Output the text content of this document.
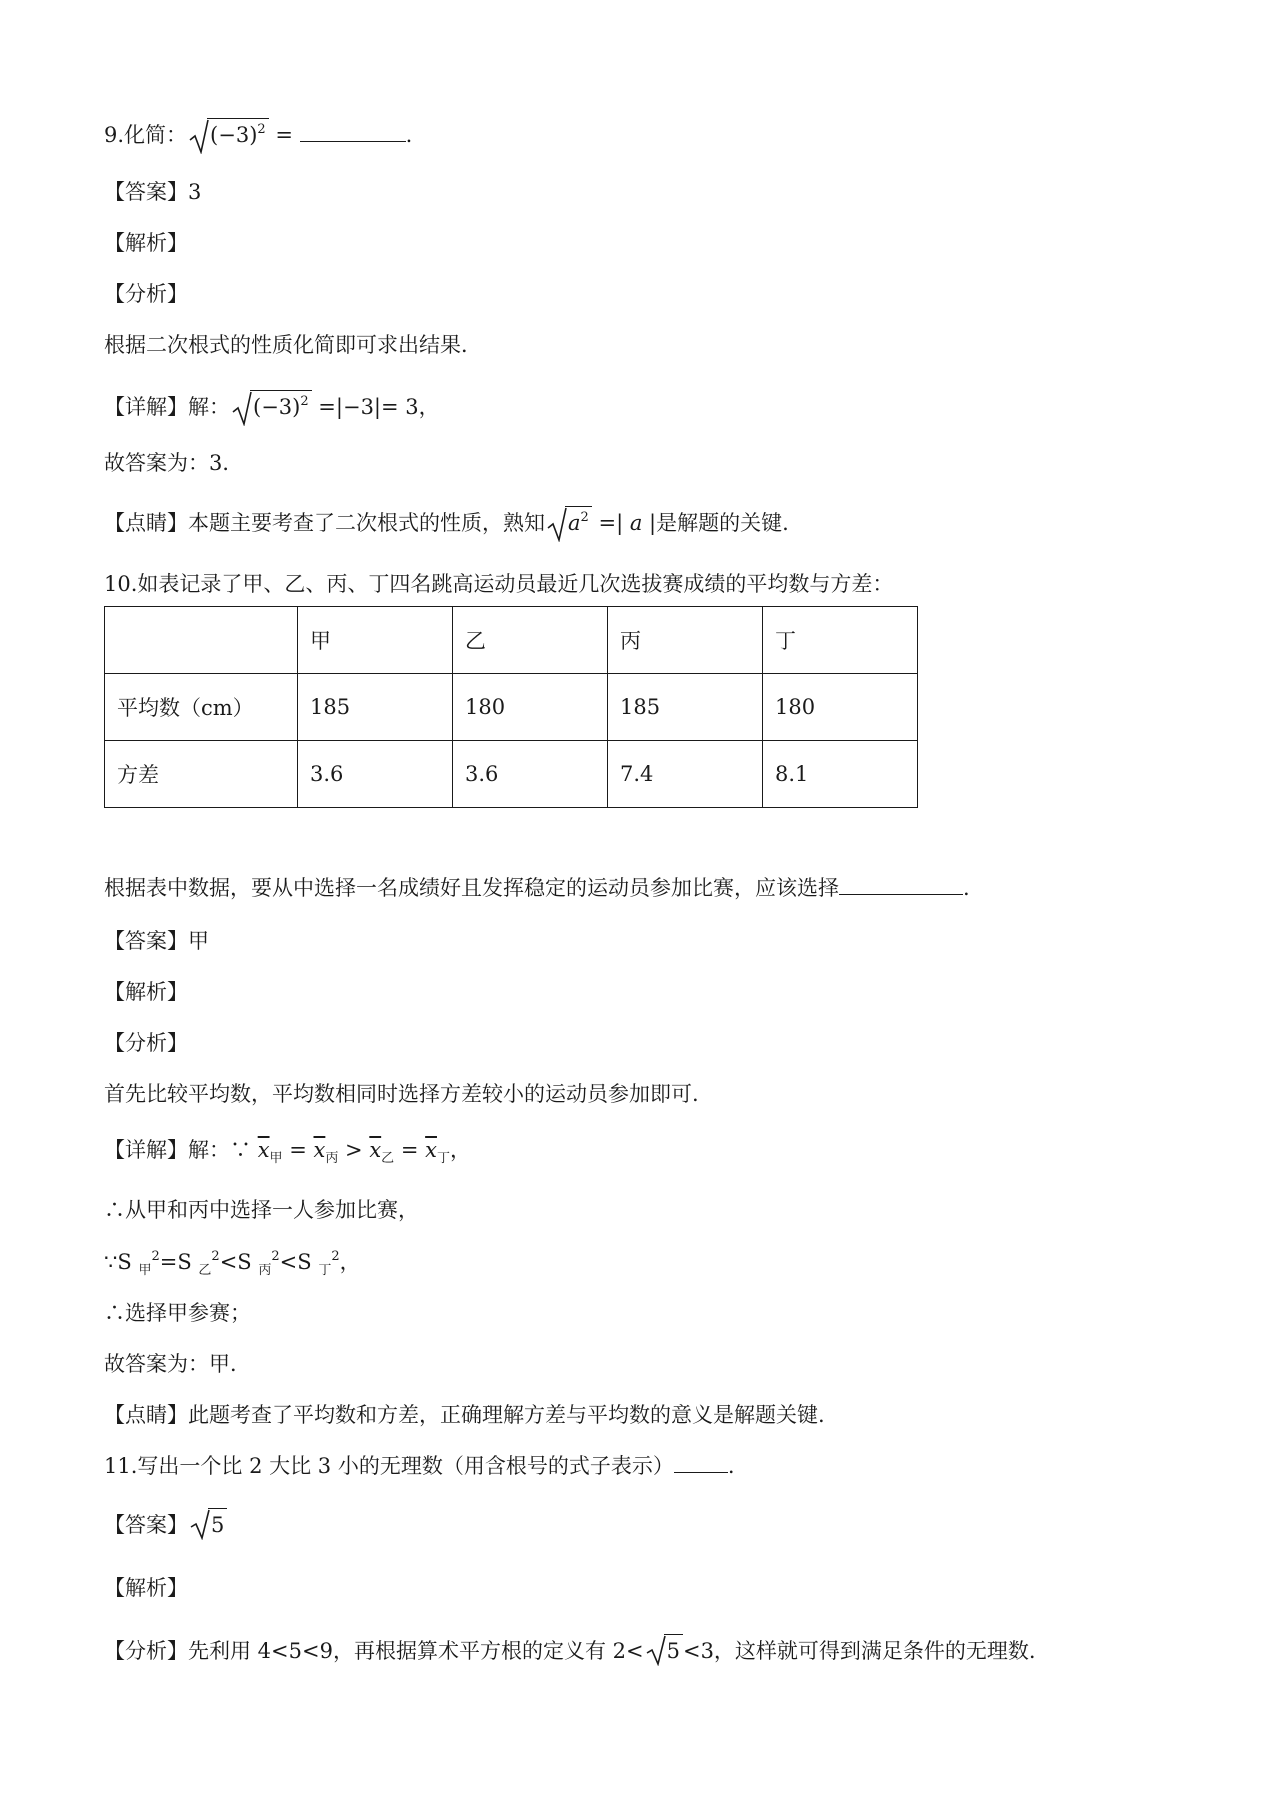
9.化简： $(-3)^2$ =	.
【答案】3
【解析】
【分析】
根据二次根式的性质化简即可求出结果．
【详解】解： $(-3)^2 =|-3|= 3$，
故答案为：3．
【点睛】本题主要考查了二次根式的性质，熟知 $a^2$ =| a |是解题的关键.
10.如表记录了甲、乙、丙、丁四名跳高运动员最近几次选拔赛成绩的平均数与方差：
	甲	乙	丙	丁
平均数（cm）	185	180	185	180
方差	3.6	3.6	7.4	8.1
根据表中数据，要从中选择一名成绩好且发挥稳定的运动员参加比赛，应该选择	.
【答案】甲
【解析】
【分析】
首先比较平均数，平均数相同时选择方差较小的运动员参加即可.
【详解】解：∵ $\overline{x}_甲 = \overline{x}_丙 > \overline{x}_乙 = \overline{x}_丁$，
∴从甲和丙中选择一人参加比赛，
∵S $_甲^2$=S $_乙^2$<S $_丙^2$<S $_丁^2$，
∴选择甲参赛；
故答案为：甲．
【点睛】此题考查了平均数和方差，正确理解方差与平均数的意义是解题关键.
11.写出一个比 2 大比 3 小的无理数（用含根号的式子表示）	.
【答案】 5
【解析】
【分析】先利用 4<5<9，再根据算术平方根的定义有 2< 5 <3，这样就可得到满足条件的无理数.
